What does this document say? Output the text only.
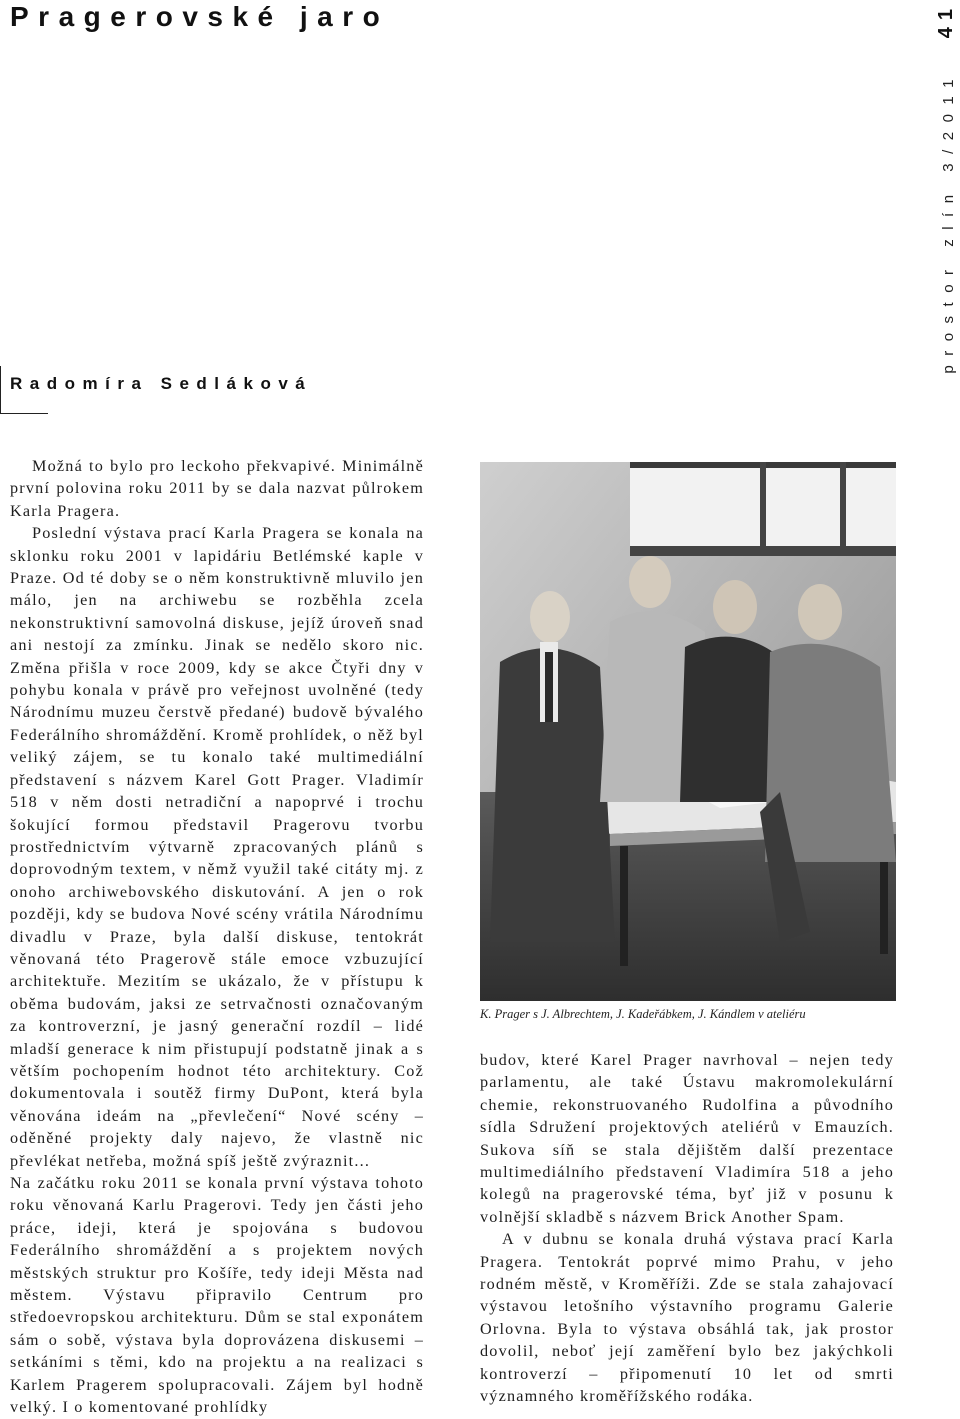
Pragerovské jaro	41
prostor zlín 3/2011
Radomíra Sedláková

Možná to bylo pro leckoho překvapivé. Minimálně první polovina roku 2011 by se dala nazvat půlrokem Karla Pragera.

Poslední výstava prací Karla Pragera se konala na sklonku roku 2001 v lapidáriu Betlémské kaple v Praze. Od té doby se o něm konstruktivně mluvilo jen málo, jen na archiwebu se rozběhla zcela nekonstruktivní samovolná diskuse, jejíž úroveň snad ani nestojí za zmínku. Jinak se nedělo skoro nic. Změna přišla v roce 2009, kdy se akce Čtyři dny v pohybu konala v právě pro veřejnost uvolněné (tedy Národnímu muzeu čerstvě předané) budově bývalého Federálního shromáždění. Kromě prohlídek, o něž byl veliký zájem, se tu konalo také multimediální představení s názvem Karel Gott Prager. Vladimír 518 v něm dosti netradiční a napoprvé i trochu šokující formou představil Pragerovu tvorbu prostřednictvím výtvarně zpracovaných plánů s doprovodným textem, v němž využil také citáty mj. z onoho archiwebovského diskutování. A jen o rok později, kdy se budova Nové scény vrátila Národnímu divadlu v Praze, byla další diskuse, tentokrát věnovaná této Pragerově stále emoce vzbuzující architektuře. Mezitím se ukázalo, že v přístupu k oběma budovám, jaksi ze setrvačnosti označovaným za kontroverzní, je jasný generační rozdíl – lidé mladší generace k nim přistupují podstatně jinak a s větším pochopením hodnot této architektury. Což dokumentovala i soutěž firmy DuPont, která byla věnována ideám na „převlečení“ Nové scény – oděněné projekty daly najevo, že vlastně nic převlékat netřeba, možná spíš ještě zvýraznit...

Na začátku roku 2011 se konala první výstava tohoto roku věnovaná Karlu Pragerovi. Tedy jen části jeho práce, ideji, která je spojována s budovou Federálního shromáždění a s projektem nových městských struktur pro Košíře, tedy ideji Města nad městem. Výstavu připravilo Centrum pro středoevropskou architekturu. Dům se stal exponátem sám o sobě, výstava byla doprovázena diskusemi – setkáními s těmi, kdo na projektu a na realizaci s Karlem Pragerem spolupracovali. Zájem byl hodně velký. I o komentované prohlídky

K. Prager s J. Albrechtem, J. Kadeřábkem, J. Kándlem v ateliéru

budov, které Karel Prager navrhoval – nejen tedy parlamentu, ale také Ústavu makromolekulární chemie, rekonstruovaného Rudolfina a původního sídla Sdružení projektových ateliérů v Emauzích. Sukova síň se stala dějištěm další prezentace multimediálního představení Vladimíra 518 a jeho kolegů na pragerovské téma, byť již v posunu k volnější skladbě s názvem Brick Another Spam.

A v dubnu se konala druhá výstava prací Karla Pragera. Tentokrát poprvé mimo Prahu, v jeho rodném městě, v Kroměříži. Zde se stala zahajovací výstavou letošního výstavního programu Galerie Orlovna. Byla to výstava obsáhlá tak, jak prostor dovolil, neboť její zaměření bylo bez jakýchkoli kontroverzí – připomenutí 10 let od smrti významného kroměřížského rodáka.
